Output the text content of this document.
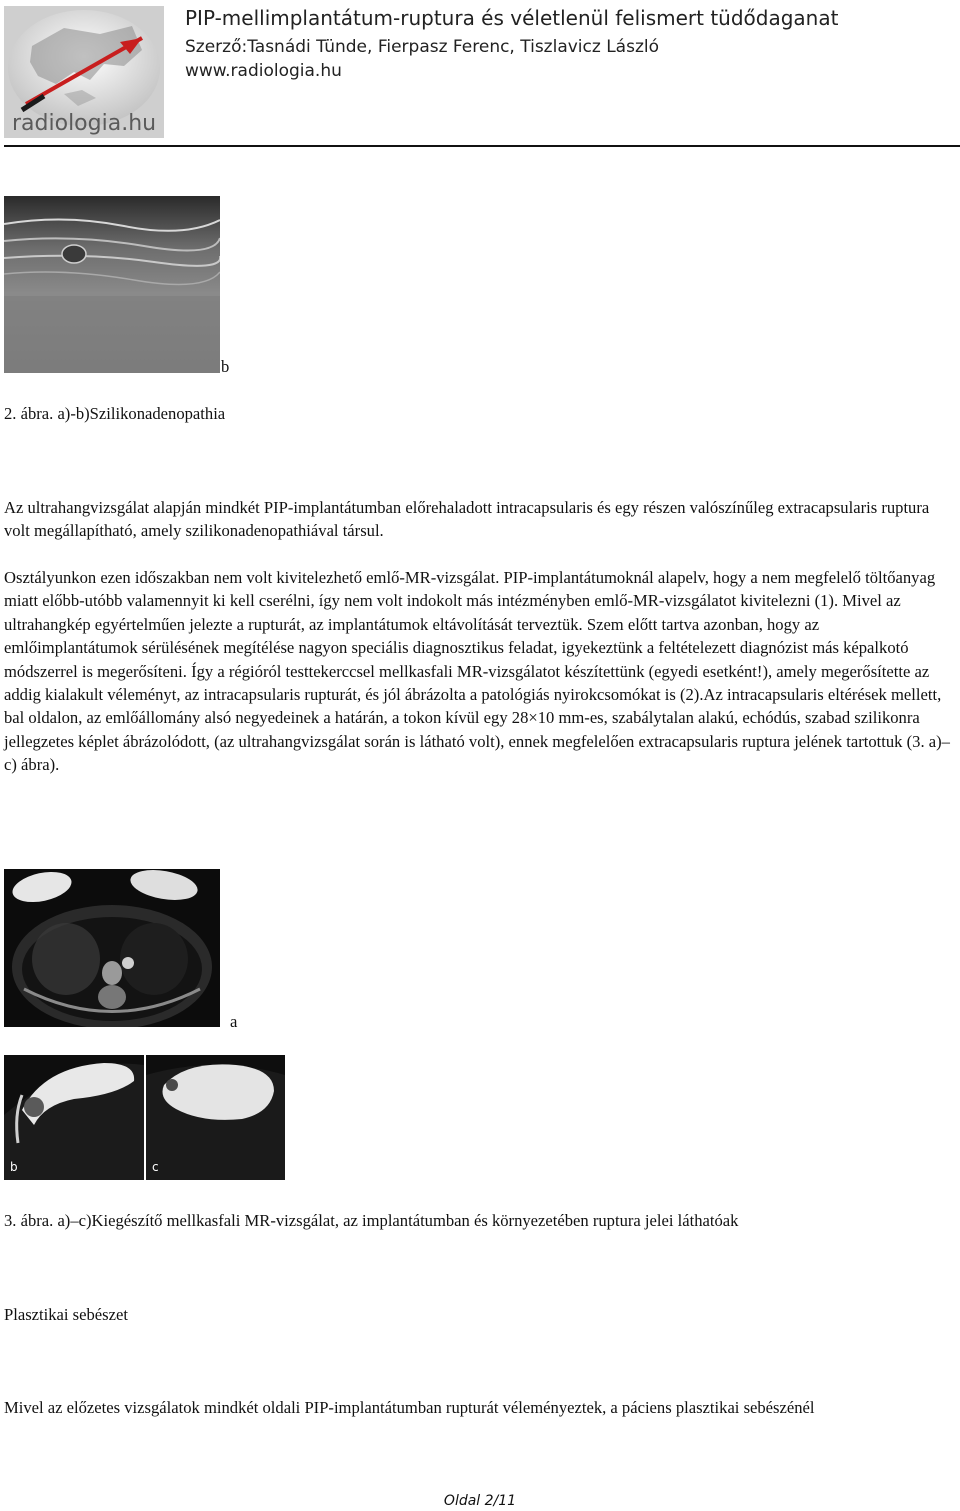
radiologia.hu
PIP-mellimplantátum-ruptura és véletlenül felismert tüdődaganat
Szerző:Tasnádi Tünde, Fierpasz Ferenc, Tiszlavicz László
www.radiologia.hu
b
2. ábra. a)-b)Szilikonadenopathia
Az ultrahangvizsgálat alapján mindkét PIP-implantátumban előrehaladott intracapsularis és egy részen valószínűleg extracapsularis ruptura volt megállapítható, amely szilikonadenopathiával társul.
Osztályunkon ezen időszakban nem volt kivitelezhető emlő-MR-vizsgálat. PIP-implantátumoknál alapelv, hogy a nem megfelelő töltőanyag miatt előbb-utóbb valamennyit ki kell cserélni, így nem volt indokolt más intézményben emlő-MR-vizsgálatot kivitelezni (1). Mivel az ultrahangkép egyértelműen jelezte a rupturát, az implantátumok eltávolítását terveztük. Szem előtt tartva azonban, hogy az emlőimplantátumok sérülésének megítélése nagyon speciális diagnosztikus feladat, igyekeztünk a feltételezett diagnózist más képalkotó módszerrel is megerősíteni. Így a régióról testtekerccsel mellkasfali MR-vizsgálatot készítettünk (egyedi esetként!), amely megerősítette az addig kialakult véleményt, az intracapsularis rupturát, és jól ábrázolta a patológiás nyirokcsomókat is (2).Az intracapsularis eltérések mellett, bal oldalon, az emlőállomány alsó negyedeinek a határán, a tokon kívül egy 28×10 mm-es, szabálytalan alakú, echódús, szabad szilikonra jellegzetes képlet ábrázolódott, (az ultrahangvizsgálat során is látható volt), ennek megfelelően extracapsularis ruptura jelének tartottuk (3. a)–c) ábra).
a
b	c
3. ábra. a)–c)Kiegészítő mellkasfali MR-vizsgálat, az implantátumban és környezetében ruptura jelei láthatóak
Plasztikai sebészet
Mivel az előzetes vizsgálatok mindkét oldali PIP-implantátumban rupturát véleményeztek, a páciens plasztikai sebészénél
Oldal 2/11
